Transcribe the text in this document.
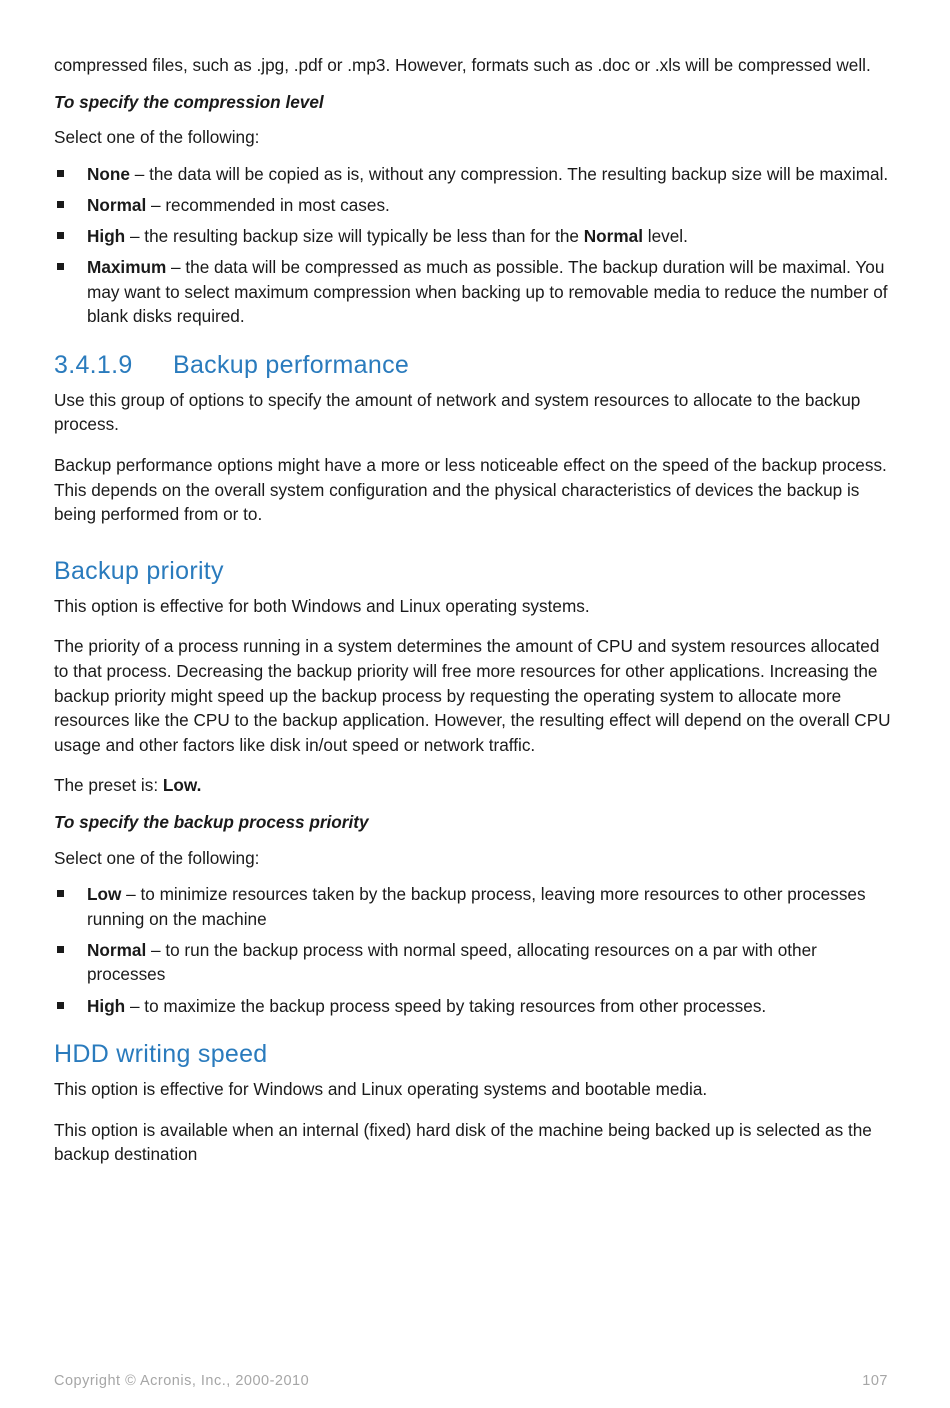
compressed files, such as .jpg, .pdf or .mp3. However, formats such as .doc or .xls will be compressed well.

To specify the compression level

Select one of the following:

None – the data will be copied as is, without any compression. The resulting backup size will be maximal.
Normal – recommended in most cases.
High – the resulting backup size will typically be less than for the Normal level.
Maximum – the data will be compressed as much as possible. The backup duration will be maximal. You may want to select maximum compression when backing up to removable media to reduce the number of blank disks required.
3.4.1.9 Backup performance

Use this group of options to specify the amount of network and system resources to allocate to the backup process.

Backup performance options might have a more or less noticeable effect on the speed of the backup process. This depends on the overall system configuration and the physical characteristics of devices the backup is being performed from or to.

Backup priority

This option is effective for both Windows and Linux operating systems.

The priority of a process running in a system determines the amount of CPU and system resources allocated to that process. Decreasing the backup priority will free more resources for other applications. Increasing the backup priority might speed up the backup process by requesting the operating system to allocate more resources like the CPU to the backup application. However, the resulting effect will depend on the overall CPU usage and other factors like disk in/out speed or network traffic.

The preset is: Low.

To specify the backup process priority

Select one of the following:

Low – to minimize resources taken by the backup process, leaving more resources to other processes running on the machine
Normal – to run the backup process with normal speed, allocating resources on a par with other processes
High – to maximize the backup process speed by taking resources from other processes.
HDD writing speed

This option is effective for Windows and Linux operating systems and bootable media.

This option is available when an internal (fixed) hard disk of the machine being backed up is selected as the backup destination

Copyright © Acronis, Inc., 2000-2010	107
